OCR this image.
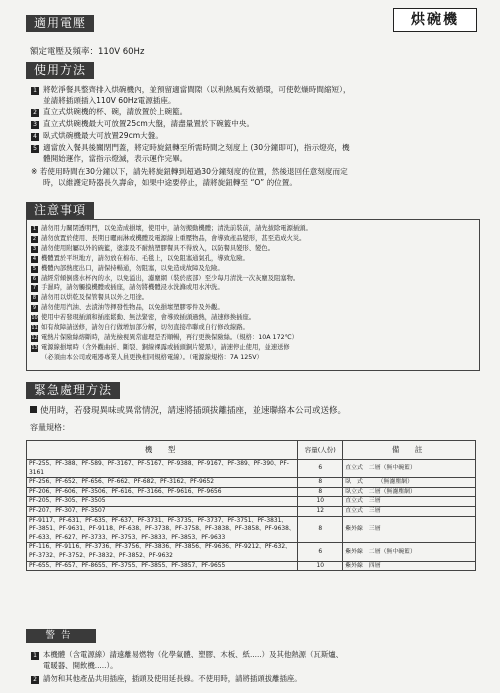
烘碗機
適用電壓
額定電壓及頻率：110V 60Hz
使用方法
1 將乾淨餐具整齊排入烘碗機內，並預留適當間隙（以利熱風有效循環，可使乾燥時間縮短），
並請將插頭插入110V 60Hz電源插座。
2 直立式烘碗機的杯、碗，請放置於上碗籃。
3 直立式烘碗機最大可放置25cm大盤，請盡量置於下碗籃中央。
4 臥式烘碗機最大可放置29cm大盤。
5 適當放入餐具後關閉門蓋，將定時旋鈕轉至所需時間之刻度上 (30分鐘即可)，指示燈亮，機
體開始運作，當指示燈滅，表示運作完畢。
※ 若使用時間在30分鐘以下，請先將旋鈕轉到超過30分鐘刻度的位置，然後退回任意刻度而定
時，以維護定時器長久壽命，如果中途要停止，請將旋鈕轉至 “O” 的位置。
注意事項
1 請勿用力關閉透明門，以免造成損壞，使用中，請勿搬動機體；清洗前裝前，請先拔除電源插頭。
2 請勿放置於使用、長期日曬雨淋或機體及電源線上重壓物品，會導致產品變形，甚至造成火災。
3 請勿使用附屬以外的碗籃，塗漆及不耐熱塑膠餐具不得放入，以防餐具變形、變色。
4 機體置於平坦地方，請勿放在棉布、毛毯上，以免阻塞通氣孔，導致危險。
5 機體內部熱度出口，請保持暢通，勿阻塞，以免造成故障及危險。
6 請經常傾倒盛水杯內的水，以免溢出，濾塵網（裝於底部）至少每月清洗一次灰塵及阻塞物。
7 手濕時，請勿觸摸機體或插座，請勿將機體浸水洗滌或用水沖洗。
8 請勿用以烘乾及保管餐具以外之用途。
9 請勿使用汽油、去漬油等揮發性物品，以免損壞塑膠零件及外觀。
10 使用中若發現插頭和插座鬆動、無法緊密，會導致插頭過熱，請速修換插座。
11 如有故障請送修，請勿自行做增加部分解，切勿直接串聯或自行修改線路。
12 電熱片保險絲熔斷時，請先檢視異常處理是否順暢，再行更換保險絲。（規格：10A 172℃）
13 電源線損壞時（含外觀曲折、斷裂、銅線裸露或插頭銅片變黑），請速停止使用，並速送修
（必須由本公司或電器專業人員更換相同規格電線）。（電源線規格：7A 125V）
緊急處理方法
使用時，若發現異味或異常情況，請速將插頭拔離插座，並速聯絡本公司或送修。
容量規格：
機　型	容量(人份)	備　註
PF-255、PF-388、PF-589、PF-3167、PF-5167、PF-9388、PF-9167、PF-389、PF-390、PF-3161	6	直立式　二層（無中碗籃）
PF-256、PF-652、PF-656、PF-662、PF-682、PF-3162、PF-9652	8	臥　式　　　（無濾塵網）
PF-206、PF-606、PF-3506、PF-616、PF-3166、PF-9616、PF-9656	8	臥立式　二層（無濾塵網）
PF-205、PF-305、PF-3505	10	直立式　三層
PF-207、PF-307、PF-3507	12	直立式　三層
PF-9117、PF-631、PF-635、PF-637、PF-3731、PF-3735、PF-3737、PF-3751、PF-3831、PF-3851、PF-9631、PF-9118、PF-638、PF-3738、PF-3758、PF-3838、PF-3858、PF-9638、PF-633、PF-627、PF-3733、PF-3753、PF-3833、PF-3853、PF-9633	8	紫外線　三層
PF-116、PF-9116、PF-3736、PF-3756、PF-3836、PF-3856、PF-9636、PF-9212、PF-632、PF-3732、PF-3752、PF-3832、PF-3852、PF-9632	6	紫外線　二層（無中碗籃）
PF-655、PF-657、PF-8655、PF-3755、PF-3855、PF-3857、PF-9655	10	紫外線　四層
警告
1 本機體（含電源線）請遠離易燃物（化學氣體、塑膠、木板、紙.....）及其他熱源（瓦斯爐、
電暖器、開飲機.....）。
2 請勿和其他產品共用插座，插頭及使用延長線。不使用時，請將插頭拔離插座。
